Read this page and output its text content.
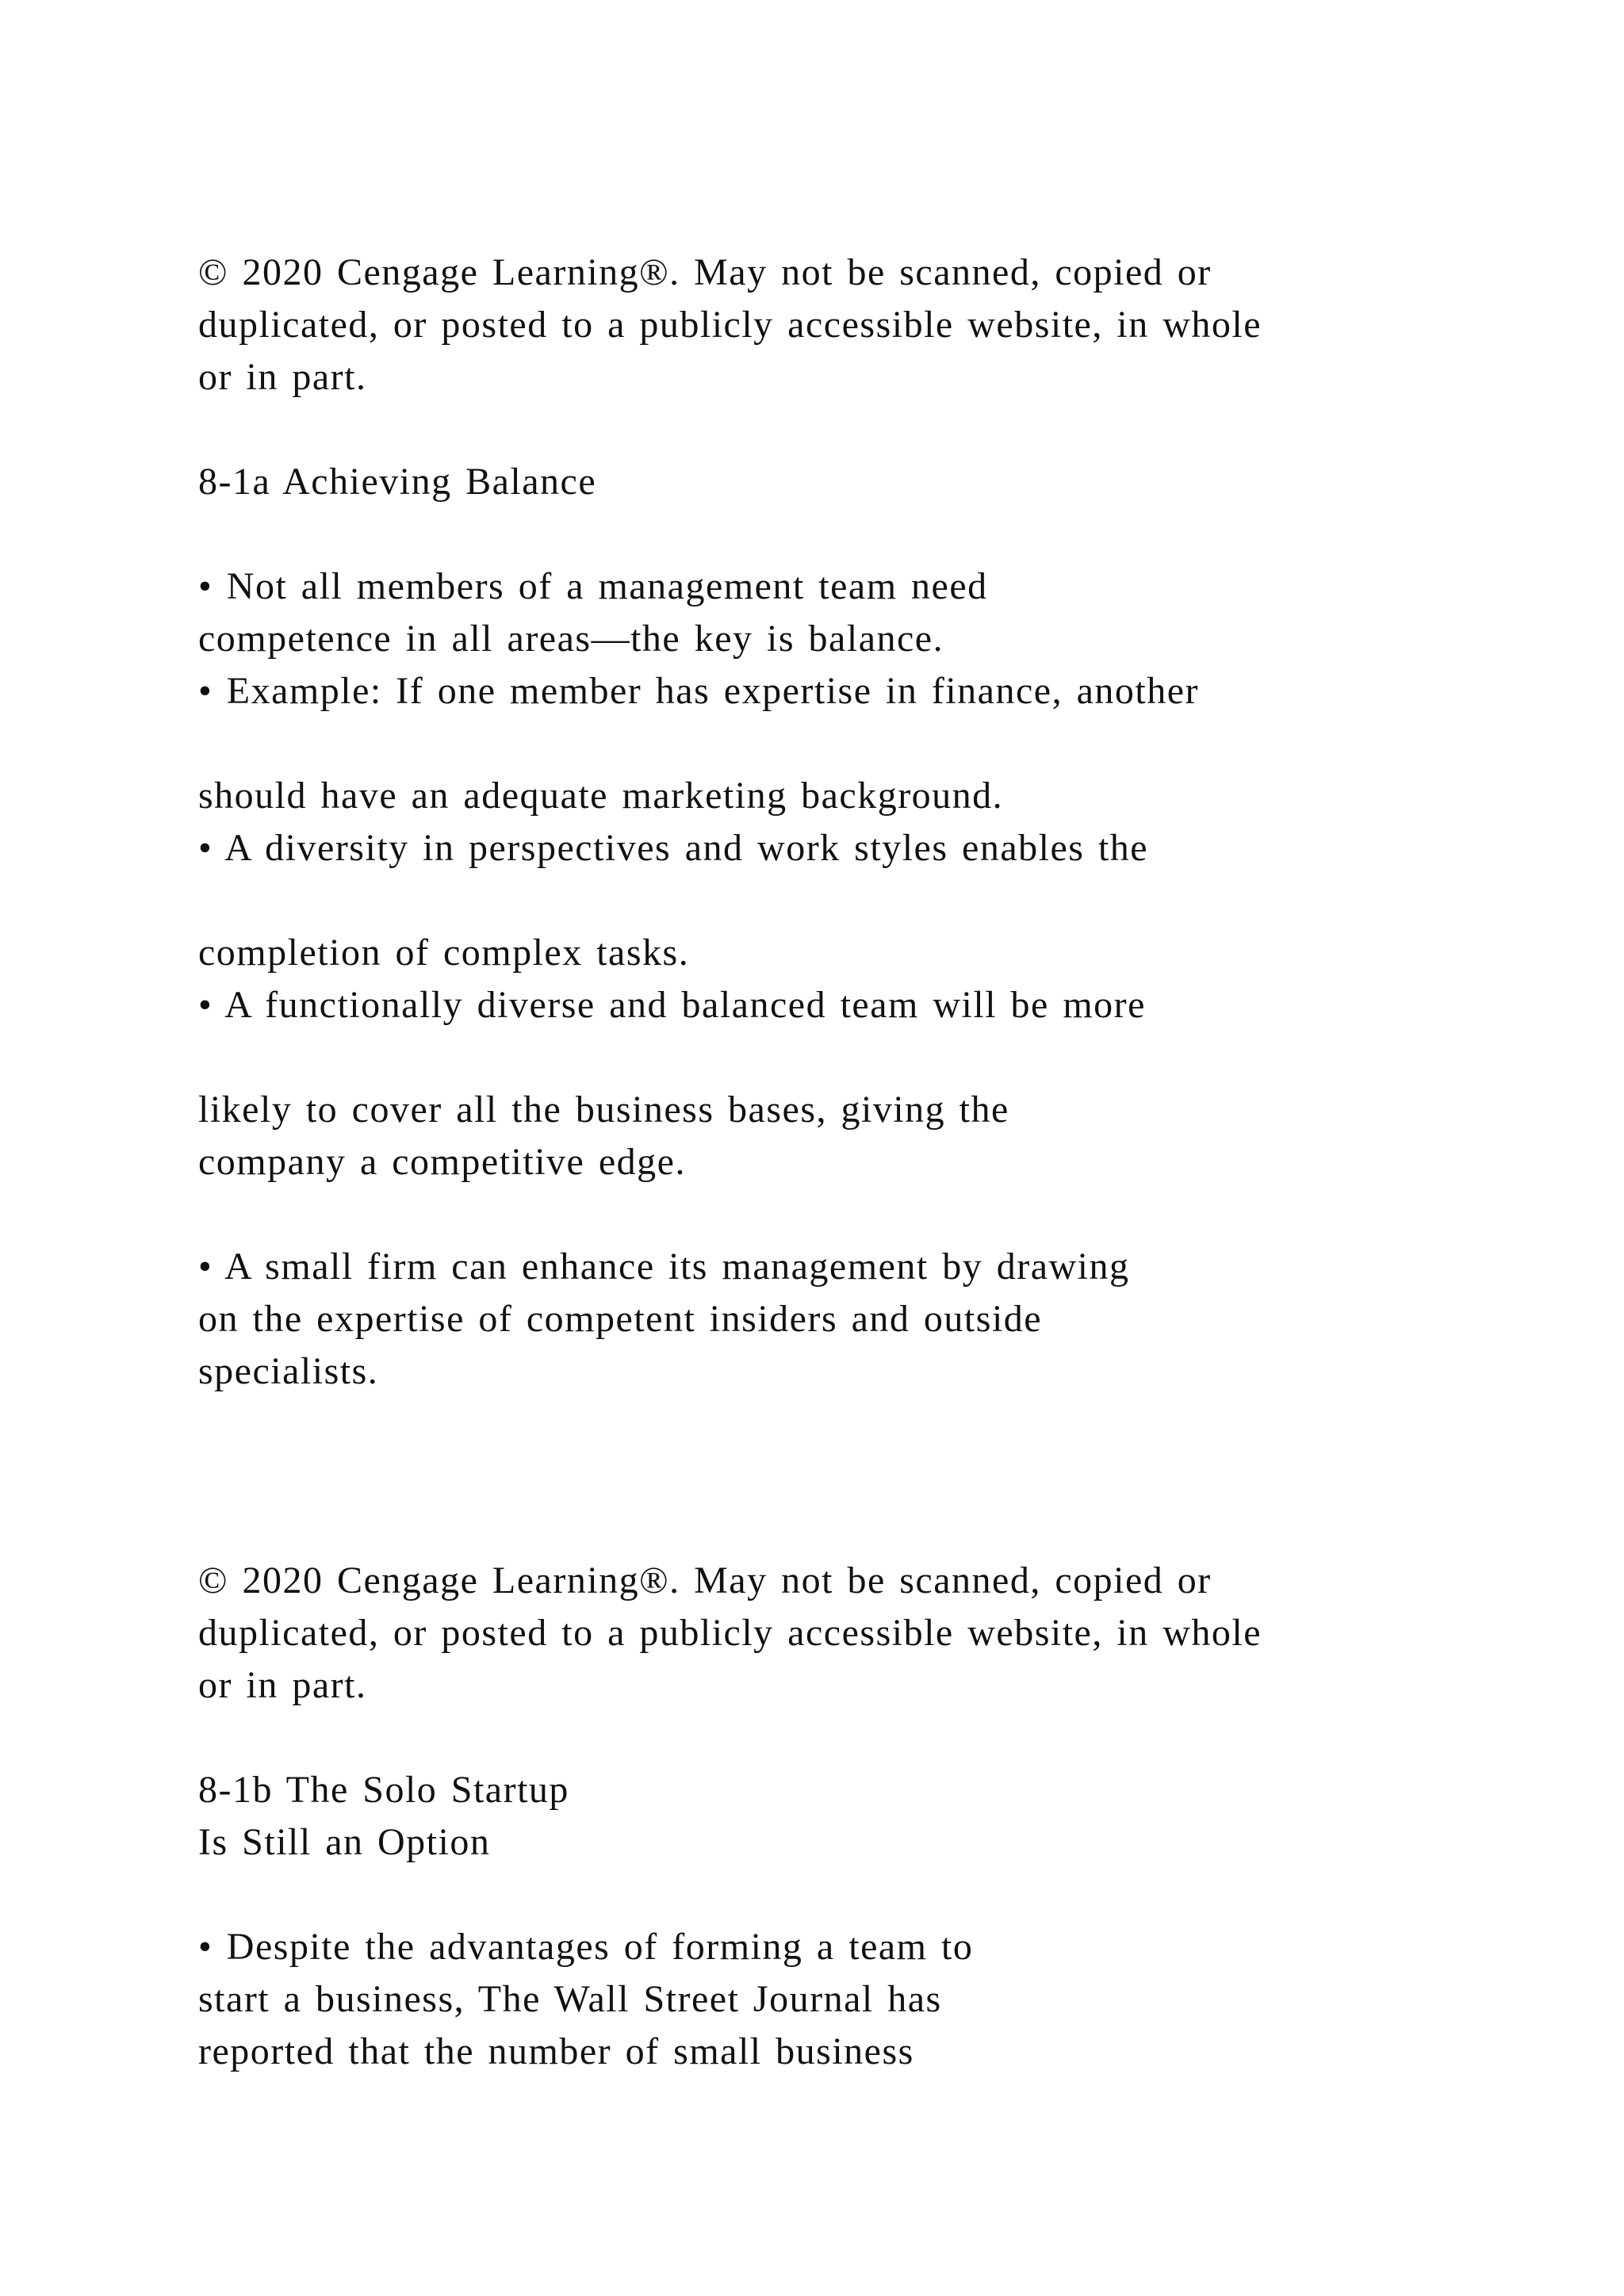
© 2020 Cengage Learning®. May not be scanned, copied or
duplicated, or posted to a publicly accessible website, in whole
or in part.
8-1a Achieving Balance
• Not all members of a management team need
competence in all areas—the key is balance.
• Example: If one member has expertise in finance, another
should have an adequate marketing background.
• A diversity in perspectives and work styles enables the
completion of complex tasks.
• A functionally diverse and balanced team will be more
likely to cover all the business bases, giving the
company a competitive edge.
• A small firm can enhance its management by drawing
on the expertise of competent insiders and outside
specialists.
© 2020 Cengage Learning®. May not be scanned, copied or
duplicated, or posted to a publicly accessible website, in whole
or in part.
8-1b The Solo Startup
Is Still an Option
• Despite the advantages of forming a team to
start a business, The Wall Street Journal has
reported that the number of small business
